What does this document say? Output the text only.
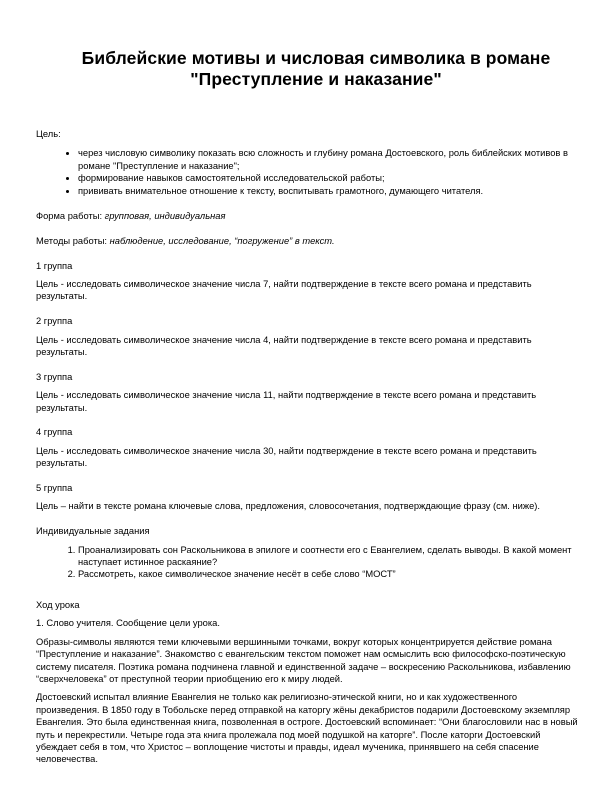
Библейские мотивы и числовая символика в романе
"Преступление и наказание"

Цель:

• через числовую символику показать всю сложность и глубину романа Достоевского, роль библейских мотивов в романе "Преступление и наказание";
• формирование навыков самостоятельной исследовательской работы;
• прививать внимательное отношение к тексту, воспитывать грамотного, думающего читателя.

Форма работы: групповая, индивидуальная

Методы работы: наблюдение, исследование, “погружение” в текст.

1 группа

Цель - исследовать символическое значение числа 7, найти подтверждение в тексте всего романа и представить результаты.

2 группа

Цель - исследовать символическое значение числа 4, найти подтверждение в тексте всего романа и представить результаты.

3 группа

Цель - исследовать символическое значение числа 11, найти подтверждение в тексте всего романа и представить результаты.

4 группа

Цель - исследовать символическое значение числа 30, найти подтверждение в тексте всего романа и представить результаты.

5 группа

Цель – найти в тексте романа ключевые слова, предложения, словосочетания, подтверждающие фразу (см. ниже).

Индивидуальные задания

1. Проанализировать сон Раскольникова в эпилоге и соотнести его с Евангелием, сделать выводы. В какой момент наступает истинное раскаяние?
2. Рассмотреть, какое символическое значение несёт в себе слово “МОСТ”

Ход урока

1. Слово учителя. Сообщение цели урока.

Образы-символы являются теми ключевыми вершинными точками, вокруг которых концентрируется действие романа “Преступление и наказание”. Знакомство с евангельским текстом поможет нам осмыслить всю философско-поэтическую систему писателя. Поэтика романа подчинена главной и единственной задаче – воскресению Раскольникова, избавлению “сверхчеловека” от преступной теории приобщению его к миру людей.

Достоевский испытал влияние Евангелия не только как религиозно-этической книги, но и как художественного произведения. В 1850 году в Тобольске перед отправкой на каторгу жёны декабристов подарили Достоевскому экземпляр Евангелия. Это была единственная книга, позволенная в остроге. Достоевский вспоминает: “Они благословили нас в новый путь и перекрестили. Четыре года эта книга пролежала под моей подушкой на каторге”. После каторги Достоевский убеждает себя в том, что Христос – воплощение чистоты и правды, идеал мученика, принявшего на себя спасение человечества.
